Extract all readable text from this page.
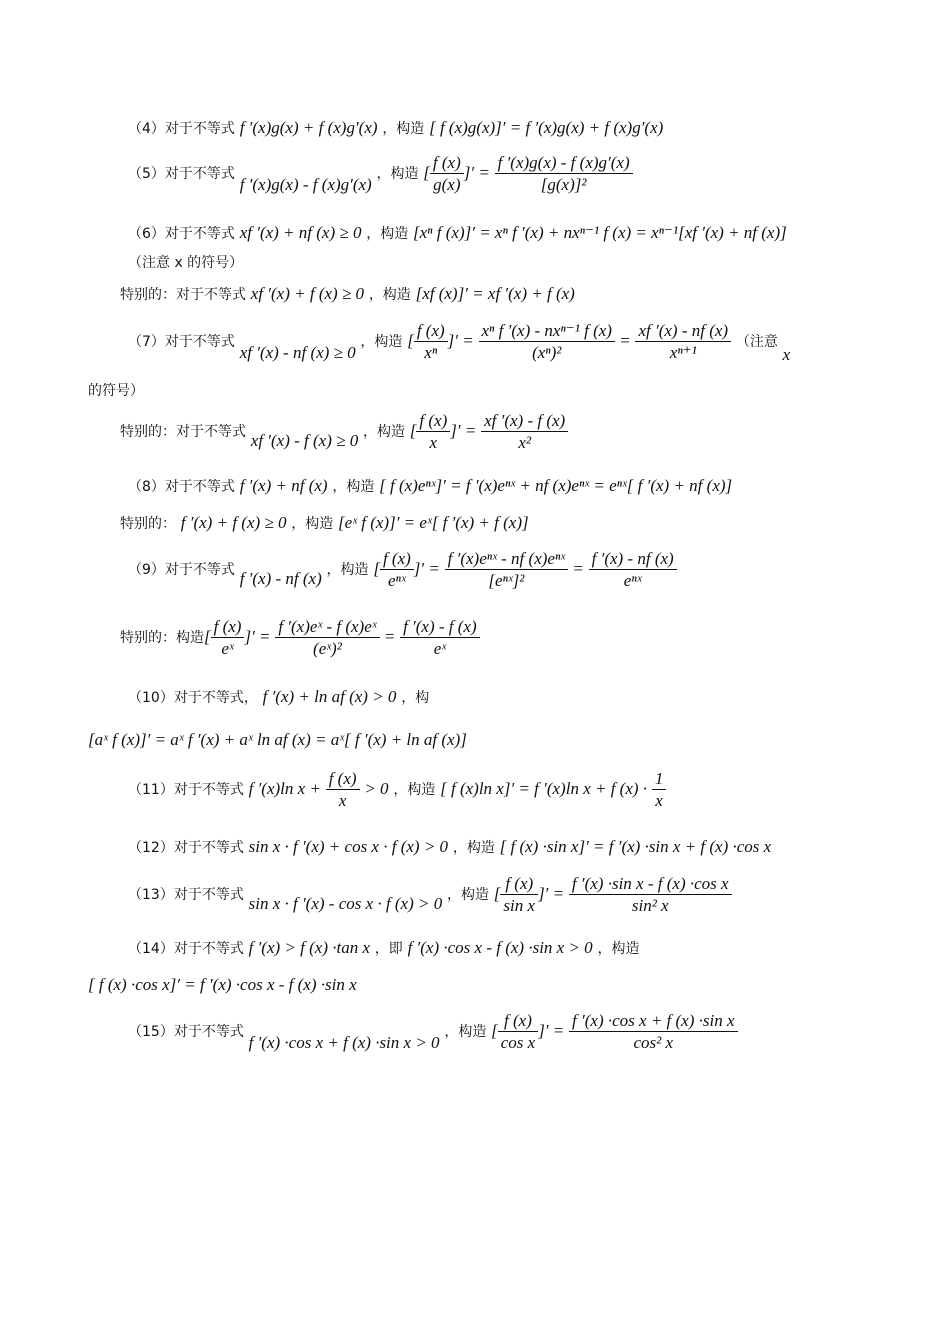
（4）对于不等式 f ′(x)g(x) + f (x)g′(x) ，构造 [ f (x)g(x)]′ = f ′(x)g(x) + f (x)g′(x)
（5）对于不等式 f ′(x)g(x) - f (x)g′(x) ，构造 [ $\frac{f (x)}{g(x)}$ ]′ = $\frac{f '(x)g(x) - f (x)g'(x)}{\text{[g(x)]²}}$
（6）对于不等式 xf ′(x) + nf (x) ≥ 0 ，构造 [xⁿ f (x)]′ = xⁿ f ′(x) + nxⁿ⁻¹ f (x) = xⁿ⁻¹[xf ′(x) + nf (x)]
（注意 x 的符号）
特别的：对于不等式 xf ′(x) + f (x) ≥ 0 ，构造 [xf (x)]′ = xf ′(x) + f (x)
（7）对于不等式 xf ′(x) - nf (x) ≥ 0 ，构造 [ $\frac{f (x)}{\text{xⁿ}}$ ]′ = $\frac{\text{xⁿ f ′(x) - nxⁿ⁻¹ f (x)}}{\text{(xⁿ)²}} = \frac{xf '(x) - nf (x)}{\text{xⁿ⁺¹}}$ （注意 x
的符号）
特别的：对于不等式 xf ′(x) - f (x) ≥ 0 ，构造 [ $\frac{f (x)}{x}$ ]′ = $\frac{xf '(x) - f (x)}{\text{x²}}$
（8）对于不等式 f ′(x) + nf (x) ，构造 [ f (x)eⁿˣ]′ = f ′(x)eⁿˣ + nf (x)eⁿˣ = eⁿˣ[ f ′(x) + nf (x)]
特别的： f ′(x) + f (x) ≥ 0 ，构造 [eˣ f (x)]′ = eˣ[ f ′(x) + f (x)]
（9）对于不等式 f ′(x) - nf (x) ，构造 [ $\frac{f (x)}{\text{eⁿˣ}}$ ]′ = $\frac{\text{f ′(x)eⁿˣ - nf (x)eⁿˣ}}{\text{[eⁿˣ]²}} = \frac{f '(x) - nf (x)}{\text{eⁿˣ}}$
特别的：构造[ $\frac{f (x)}{\text{eˣ}}$ ]′ = $\frac{\text{f ′(x)eˣ - f (x)eˣ}}{\text{(eˣ)²}} = \frac{f '(x) - f (x)}{\text{eˣ}}$
（10）对于不等式， f ′(x) + ln af (x) > 0 ，构
[aˣ f (x)]′ = aˣ f ′(x) + aˣ ln af (x) = aˣ[ f ′(x) + ln af (x)]
（11）对于不等式 f ′(x)ln $x + \frac{f (x)}{x} > 0$ ，构造 [ f (x)ln x]′ = f ′(x)ln x + f $(x) \cdot \frac{1}{x}$
（12）对于不等式 sin x · f ′(x) + cos x · f (x) > 0 ，构造 [ f (x) ·sin x]′ = f ′(x) ·sin x + f (x) ·cos x
（13）对于不等式 sin x · f ′(x) - cos x · f (x) > 0 ，构造 [ $\frac{f (x)}{\text{sin x}}$ ]′ = $\frac{\text{f ′(x) ·sin x - f (x) ·cos x}}{\text{sin² x}}$
（14）对于不等式 f ′(x) > f (x) ·tan x ，即 f ′(x) ·cos x - f (x) ·sin x > 0 ，构造
[ f (x) ·cos x]′ = f ′(x) ·cos x - f (x) ·sin x
（15）对于不等式 f ′(x) ·cos x + f (x) ·sin x > 0 ，构造 [ $\frac{f (x)}{\text{cos x}}$ ]′ = $\frac{\text{f ′(x) ·cos x + f (x) ·sin x}}{\text{cos² x}}$
